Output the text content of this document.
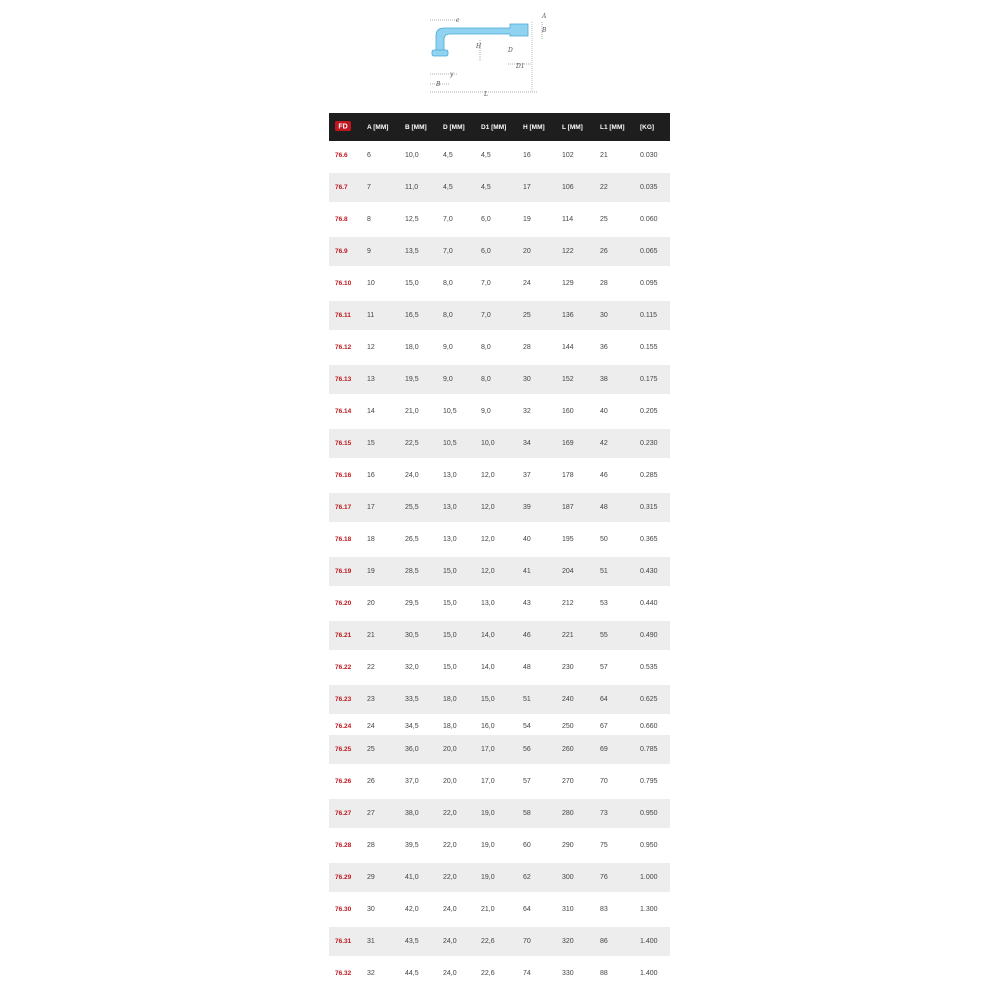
e
A
B
H
D
y
D1
B
L
FD	A [MM]	B [MM]	D [MM]	D1 [MM]	H [MM]	L [MM]	L1 [MM]	[KG]
76.6	6	10,0	4,5	4,5	16	102	21	0.030
76.7	7	11,0	4,5	4,5	17	106	22	0.035
76.8	8	12,5	7,0	6,0	19	114	25	0.060
76.9	9	13,5	7,0	6,0	20	122	26	0.065
76.10	10	15,0	8,0	7,0	24	129	28	0.095
76.11	11	16,5	8,0	7,0	25	136	30	0.115
76.12	12	18,0	9,0	8,0	28	144	36	0.155
76.13	13	19,5	9,0	8,0	30	152	38	0.175
76.14	14	21,0	10,5	9,0	32	160	40	0.205
76.15	15	22,5	10,5	10,0	34	169	42	0.230
76.16	16	24,0	13,0	12,0	37	178	46	0.285
76.17	17	25,5	13,0	12,0	39	187	48	0.315
76.18	18	26,5	13,0	12,0	40	195	50	0.365
76.19	19	28,5	15,0	12,0	41	204	51	0.430
76.20	20	29,5	15,0	13,0	43	212	53	0.440
76.21	21	30,5	15,0	14,0	46	221	55	0.490
76.22	22	32,0	15,0	14,0	48	230	57	0.535
76.23	23	33,5	18,0	15,0	51	240	64	0.625
76.24	24	34,5	18,0	16,0	54	250	67	0.660
76.25	25	36,0	20,0	17,0	56	260	69	0.785
76.26	26	37,0	20,0	17,0	57	270	70	0.795
76.27	27	38,0	22,0	19,0	58	280	73	0.950
76.28	28	39,5	22,0	19,0	60	290	75	0.950
76.29	29	41,0	22,0	19,0	62	300	76	1.000
76.30	30	42,0	24,0	21,0	64	310	83	1.300
76.31	31	43,5	24,0	22,6	70	320	86	1.400
76.32	32	44,5	24,0	22,6	74	330	88	1.400
